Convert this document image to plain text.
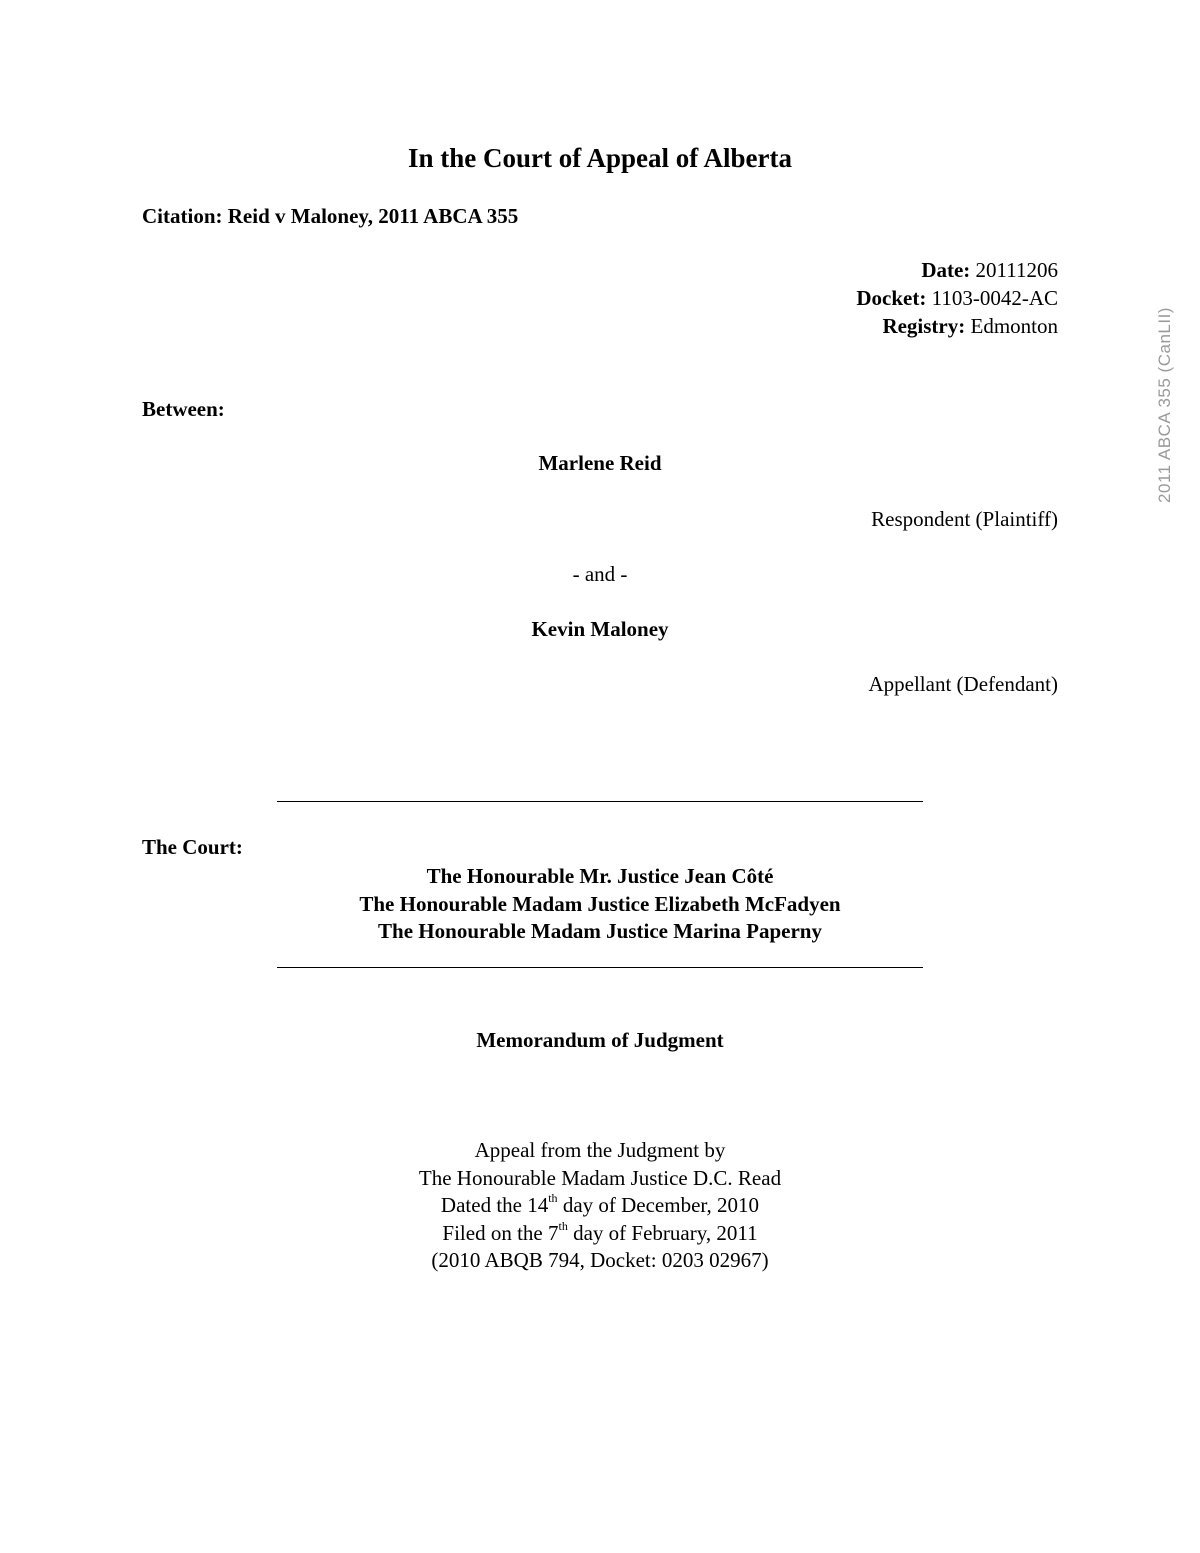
In the Court of Appeal of Alberta
Citation: Reid v Maloney, 2011 ABCA 355
Date: 20111206
Docket: 1103-0042-AC
Registry: Edmonton
Between:
Marlene Reid
Respondent (Plaintiff)
- and -
Kevin Maloney
Appellant (Defendant)
The Court:
The Honourable Mr. Justice Jean Côté
The Honourable Madam Justice Elizabeth McFadyen
The Honourable Madam Justice Marina Paperny
Memorandum of Judgment
Appeal from the Judgment by
The Honourable Madam Justice D.C. Read
Dated the 14th day of December, 2010
Filed on the 7th day of February, 2011
(2010 ABQB 794, Docket: 0203 02967)
2011 ABCA 355 (CanLII)
